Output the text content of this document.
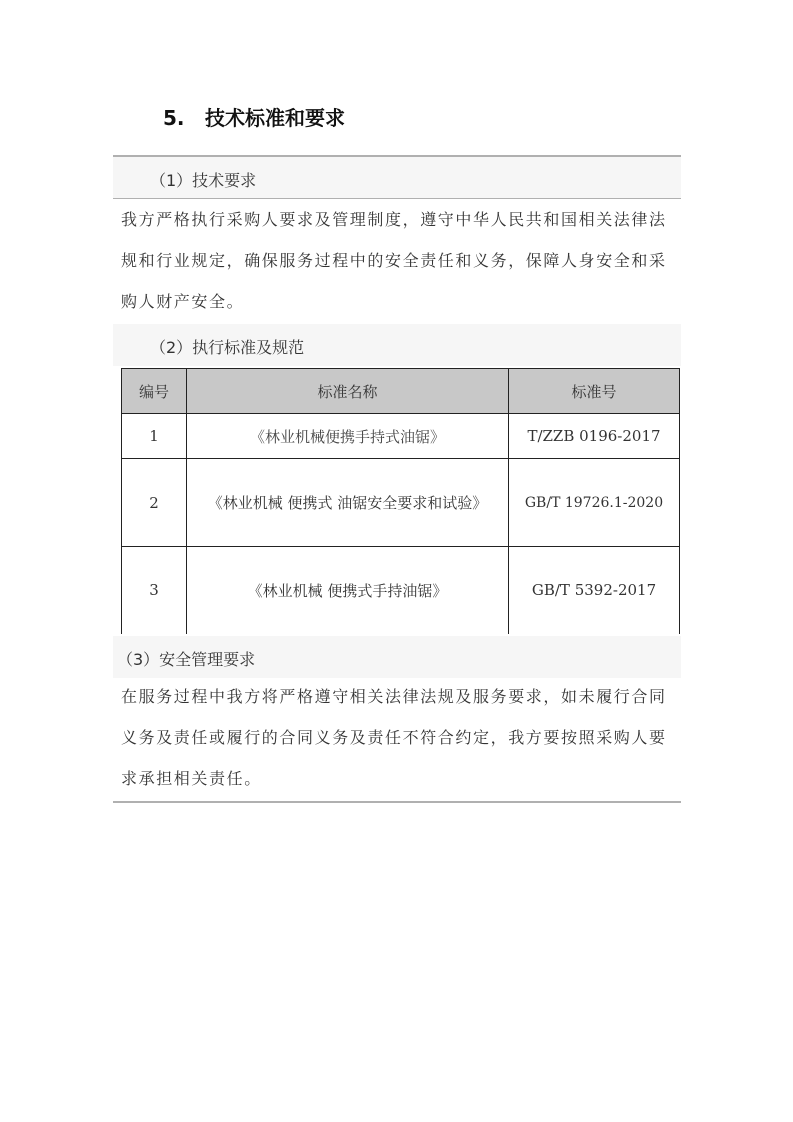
5. 技术标准和要求
（1）技术要求
我方严格执行采购人要求及管理制度，遵守中华人民共和国相关法律法规和行业规定，确保服务过程中的安全责任和义务，保障人身安全和采购人财产安全。
（2）执行标准及规范
编号	标准名称	标准号
1	《林业机械便携手持式油锯》	T/ZZB 0196-2017
2	《林业机械 便携式 油锯安全要求和试验》	GB/T 19726.1-2020
3	《林业机械 便携式手持油锯》	GB/T 5392-2017
（3）安全管理要求
在服务过程中我方将严格遵守相关法律法规及服务要求，如未履行合同义务及责任或履行的合同义务及责任不符合约定，我方要按照采购人要求承担相关责任。
